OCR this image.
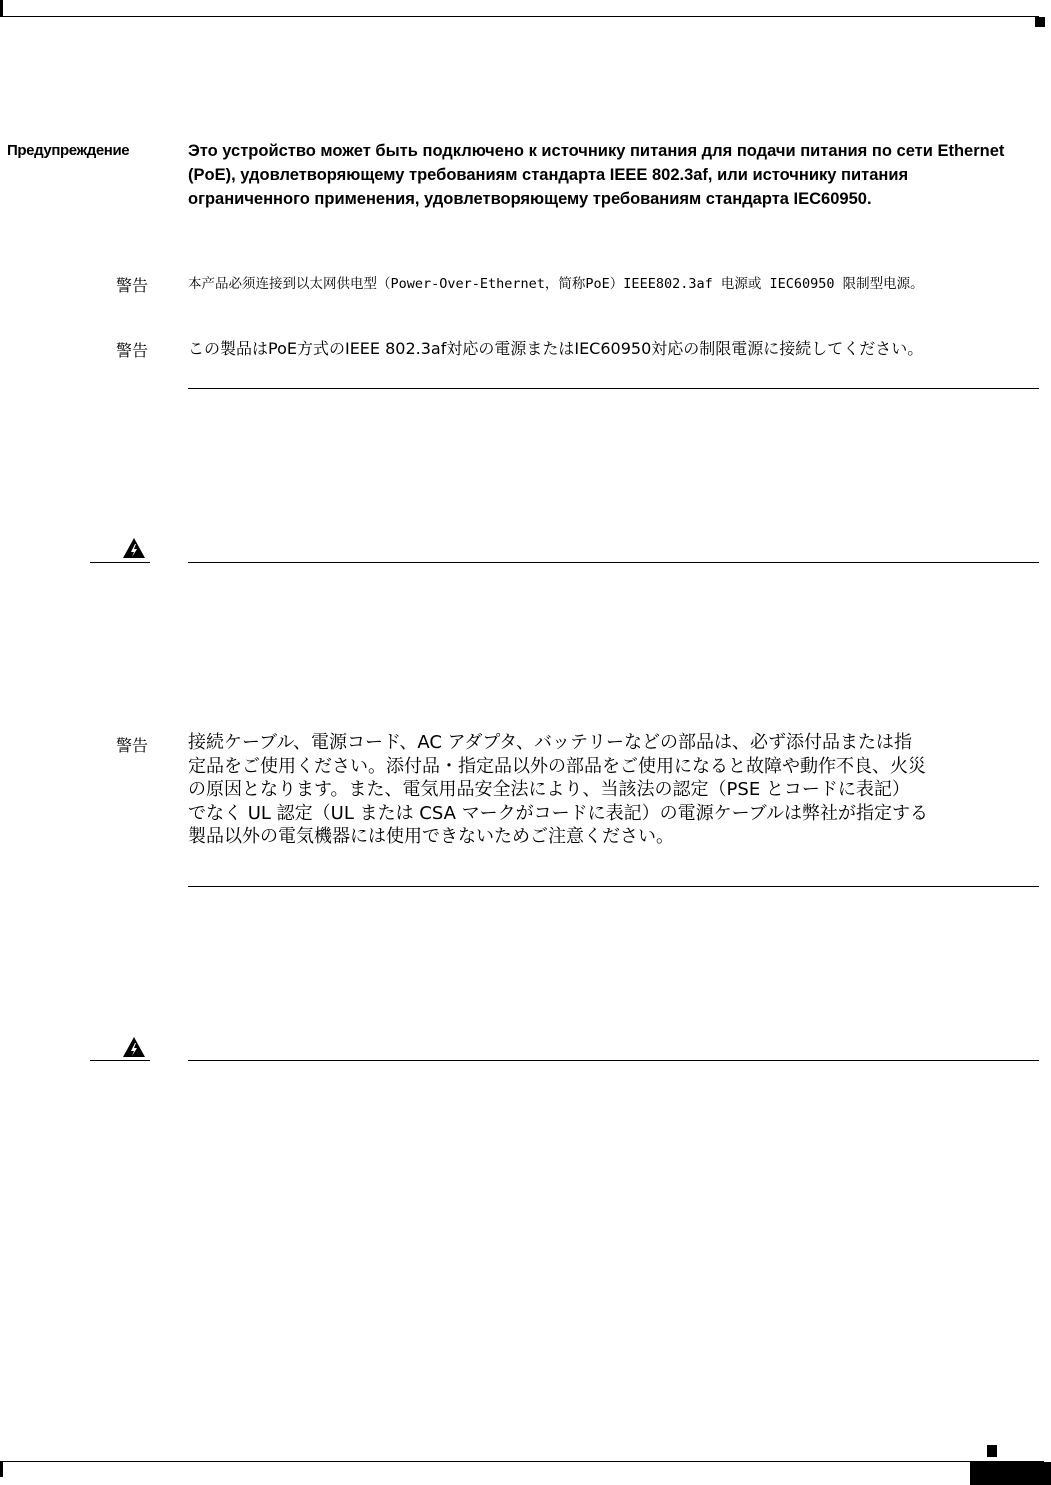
Предупреждение	Это устройство может быть подключено к источнику питания для подачи питания по сети Ethernet (PoE), удовлетворяющему требованиям стандарта IEEE 802.3af, или источнику питания ограниченного применения, удовлетворяющему требованиям стандарта IEC60950.
警告	本产品必须连接到以太网供电型（Power-Over-Ethernet，简称PoE）IEEE802.3af 电源或 IEC60950 限制型电源。
警告	この製品はPoE方式のIEEE 802.3af対応の電源またはIEC60950対応の制限電源に接続してください。
警告 接続ケーブル、電源コード、AC アダプタ、バッテリーなどの部品は、必ず添付品または指
定品をご使用ください。添付品・指定品以外の部品をご使用になると故障や動作不良、火災
の原因となります。また、電気用品安全法により、当該法の認定（PSE とコードに表記）
でなく UL 認定（UL または CSA マークがコードに表記）の電源ケーブルは弊社が指定する
製品以外の電気機器には使用できないためご注意ください。
